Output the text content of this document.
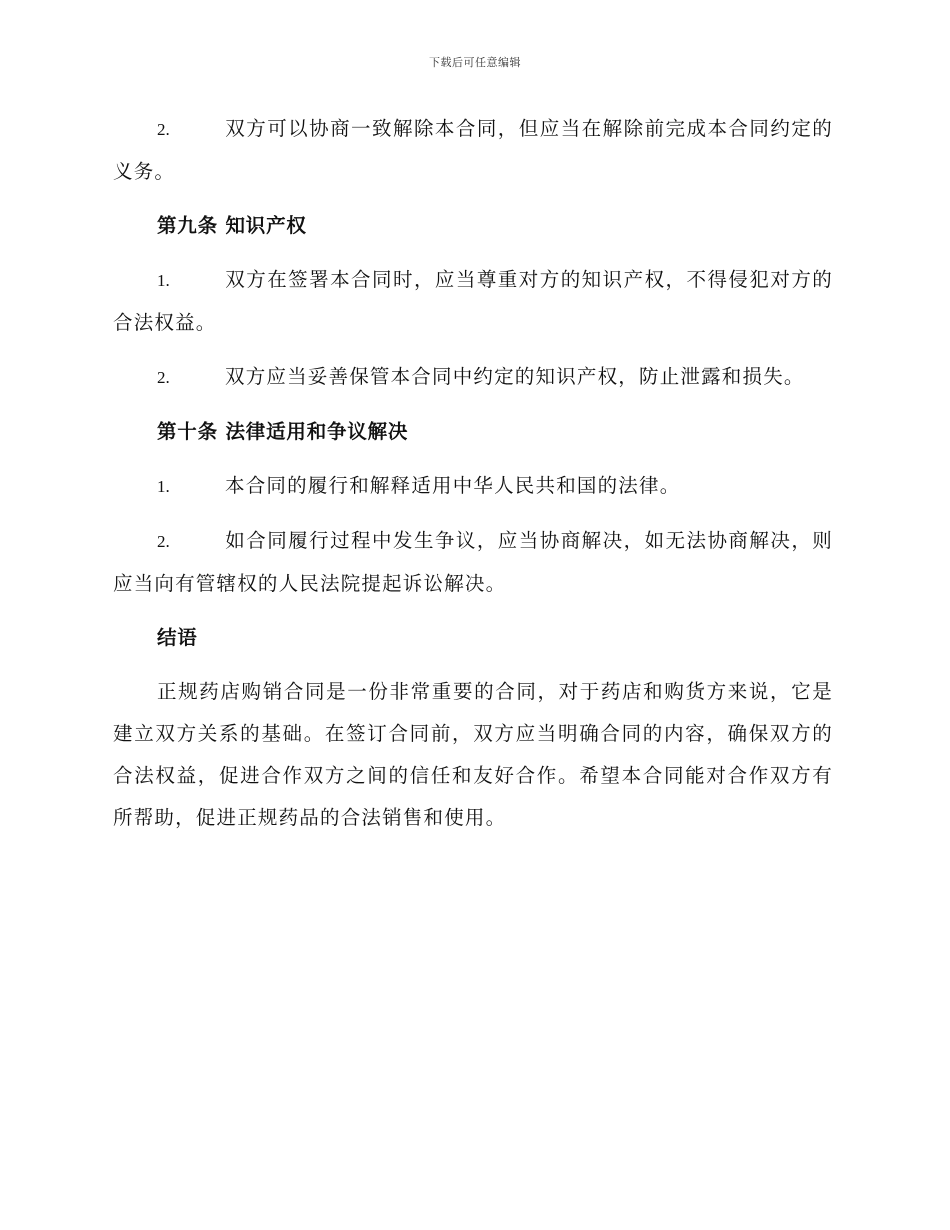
下载后可任意编辑

2.	双方可以协商一致解除本合同，但应当在解除前完成本合同约定的义务。

第九条 知识产权

1.	双方在签署本合同时，应当尊重对方的知识产权，不得侵犯对方的合法权益。

2.	双方应当妥善保管本合同中约定的知识产权，防止泄露和损失。

第十条 法律适用和争议解决

1.	本合同的履行和解释适用中华人民共和国的法律。

2.	如合同履行过程中发生争议，应当协商解决，如无法协商解决，则应当向有管辖权的人民法院提起诉讼解决。

结语

正规药店购销合同是一份非常重要的合同，对于药店和购货方来说，它是建立双方关系的基础。在签订合同前，双方应当明确合同的内容，确保双方的合法权益，促进合作双方之间的信任和友好合作。希望本合同能对合作双方有所帮助，促进正规药品的合法销售和使用。
